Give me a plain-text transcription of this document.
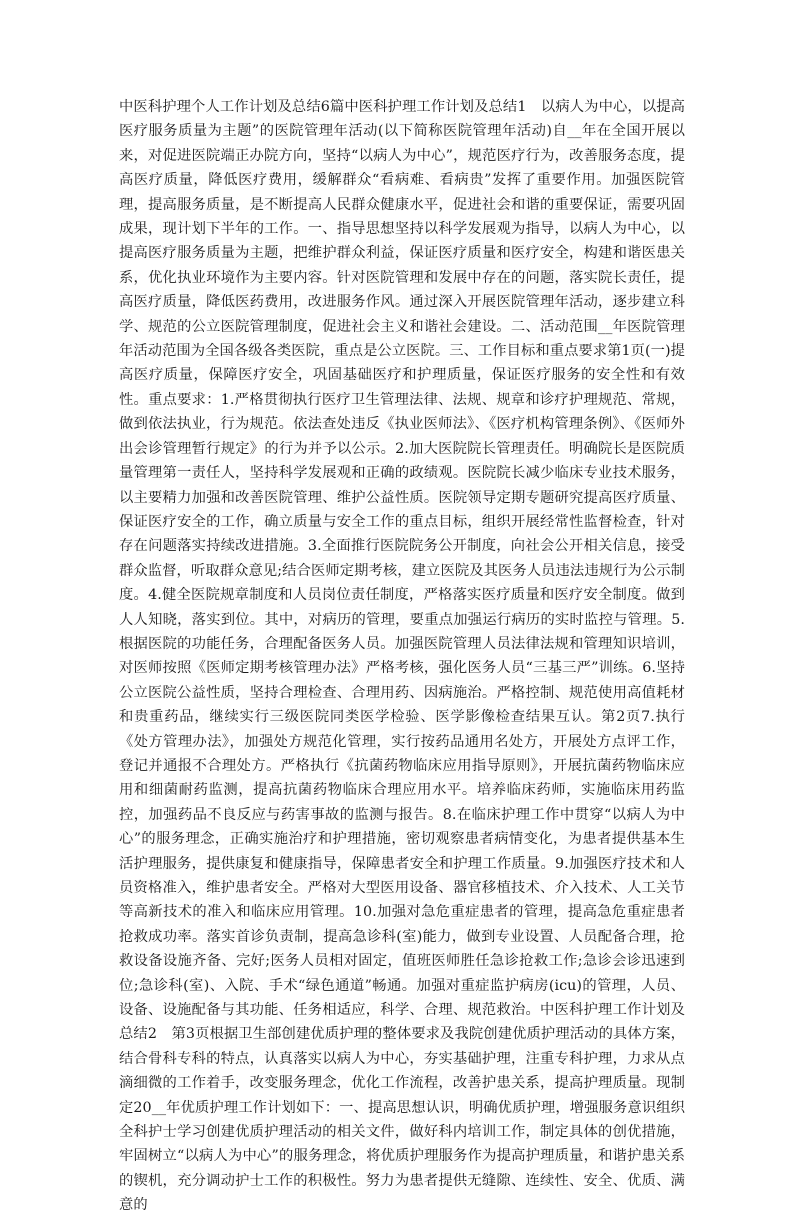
中医科护理个人工作计划及总结6篇中医科护理工作计划及总结1　以病人为中心，以提高医疗服务质量为主题”的医院管理年活动(以下简称医院管理年活动)自__年在全国开展以来，对促进医院端正办院方向，坚持“以病人为中心”，规范医疗行为，改善服务态度，提高医疗质量，降低医疗费用，缓解群众“看病难、看病贵”发挥了重要作用。加强医院管理，提高服务质量，是不断提高人民群众健康水平，促进社会和谐的重要保证，需要巩固成果，现计划下半年的工作。一、指导思想坚持以科学发展观为指导，以病人为中心，以提高医疗服务质量为主题，把维护群众利益，保证医疗质量和医疗安全，构建和谐医患关系，优化执业环境作为主要内容。针对医院管理和发展中存在的问题，落实院长责任，提高医疗质量，降低医药费用，改进服务作风。通过深入开展医院管理年活动，逐步建立科学、规范的公立医院管理制度，促进社会主义和谐社会建设。二、活动范围__年医院管理年活动范围为全国各级各类医院，重点是公立医院。三、工作目标和重点要求第1页(一)提高医疗质量，保障医疗安全，巩固基础医疗和护理质量，保证医疗服务的安全性和有效性。重点要求：1.严格贯彻执行医疗卫生管理法律、法规、规章和诊疗护理规范、常规，做到依法执业，行为规范。依法查处违反《执业医师法》、《医疗机构管理条例》、《医师外出会诊管理暂行规定》的行为并予以公示。2.加大医院院长管理责任。明确院长是医院质量管理第一责任人，坚持科学发展观和正确的政绩观。医院院长减少临床专业技术服务，以主要精力加强和改善医院管理、维护公益性质。医院领导定期专题研究提高医疗质量、保证医疗安全的工作，确立质量与安全工作的重点目标，组织开展经常性监督检查，针对存在问题落实持续改进措施。3.全面推行医院院务公开制度，向社会公开相关信息，接受群众监督，听取群众意见;结合医师定期考核，建立医院及其医务人员违法违规行为公示制度。4.健全医院规章制度和人员岗位责任制度，严格落实医疗质量和医疗安全制度。做到人人知晓，落实到位。其中，对病历的管理，要重点加强运行病历的实时监控与管理。5.根据医院的功能任务，合理配备医务人员。加强医院管理人员法律法规和管理知识培训，对医师按照《医师定期考核管理办法》严格考核，强化医务人员“三基三严”训练。6.坚持公立医院公益性质，坚持合理检查、合理用药、因病施治。严格控制、规范使用高值耗材和贵重药品，继续实行三级医院同类医学检验、医学影像检查结果互认。第2页7.执行《处方管理办法》，加强处方规范化管理，实行按药品通用名处方，开展处方点评工作，登记并通报不合理处方。严格执行《抗菌药物临床应用指导原则》，开展抗菌药物临床应用和细菌耐药监测，提高抗菌药物临床合理应用水平。培养临床药师，实施临床用药监控，加强药品不良反应与药害事故的监测与报告。8.在临床护理工作中贯穿“以病人为中心”的服务理念，正确实施治疗和护理措施，密切观察患者病情变化，为患者提供基本生活护理服务，提供康复和健康指导，保障患者安全和护理工作质量。9.加强医疗技术和人员资格准入，维护患者安全。严格对大型医用设备、器官移植技术、介入技术、人工关节等高新技术的准入和临床应用管理。10.加强对急危重症患者的管理，提高急危重症患者抢救成功率。落实首诊负责制，提高急诊科(室)能力，做到专业设置、人员配备合理，抢救设备设施齐备、完好;医务人员相对固定，值班医师胜任急诊抢救工作;急诊会诊迅速到位;急诊科(室)、入院、手术“绿色通道”畅通。加强对重症监护病房(icu)的管理，人员、设备、设施配备与其功能、任务相适应，科学、合理、规范救治。中医科护理工作计划及总结2　第3页根据卫生部创建优质护理的整体要求及我院创建优质护理活动的具体方案，结合骨科专科的特点，认真落实以病人为中心，夯实基础护理，注重专科护理，力求从点滴细微的工作着手，改变服务理念，优化工作流程，改善护患关系，提高护理质量。现制定20__年优质护理工作计划如下：一、提高思想认识，明确优质护理，增强服务意识组织全科护士学习创建优质护理活动的相关文件，做好科内培训工作，制定具体的创优措施，牢固树立“以病人为中心”的服务理念，将优质护理服务作为提高护理质量，和谐护患关系的锲机，充分调动护士工作的积极性。努力为患者提供无缝隙、连续性、安全、优质、满意的
